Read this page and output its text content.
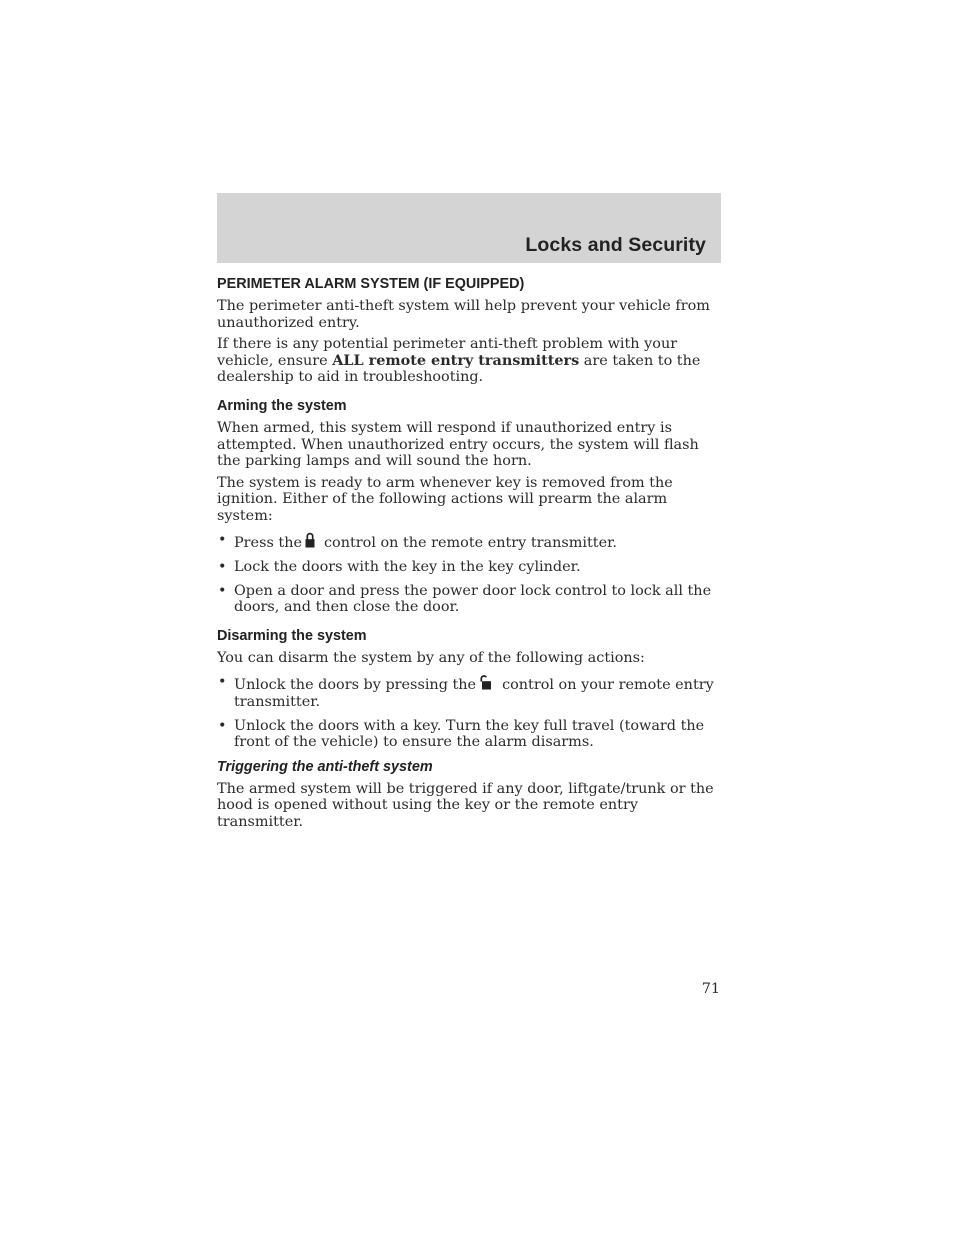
Locks and Security
PERIMETER ALARM SYSTEM (IF EQUIPPED)

The perimeter anti-theft system will help prevent your vehicle from unauthorized entry.

If there is any potential perimeter anti-theft problem with your vehicle, ensure ALL remote entry transmitters are taken to the dealership to aid in troubleshooting.

Arming the system

When armed, this system will respond if unauthorized entry is attempted. When unauthorized entry occurs, the system will flash the parking lamps and will sound the horn.

The system is ready to arm whenever key is removed from the ignition. Either of the following actions will prearm the alarm system:

• Press the control on the remote entry transmitter.
• Lock the doors with the key in the key cylinder.
• Open a door and press the power door lock control to lock all the doors, and then close the door.
Disarming the system

You can disarm the system by any of the following actions:

• Unlock the doors by pressing the control on your remote entry transmitter.
• Unlock the doors with a key. Turn the key full travel (toward the front of the vehicle) to ensure the alarm disarms.
Triggering the anti-theft system

The armed system will be triggered if any door, liftgate/trunk or the hood is opened without using the key or the remote entry transmitter.

71
